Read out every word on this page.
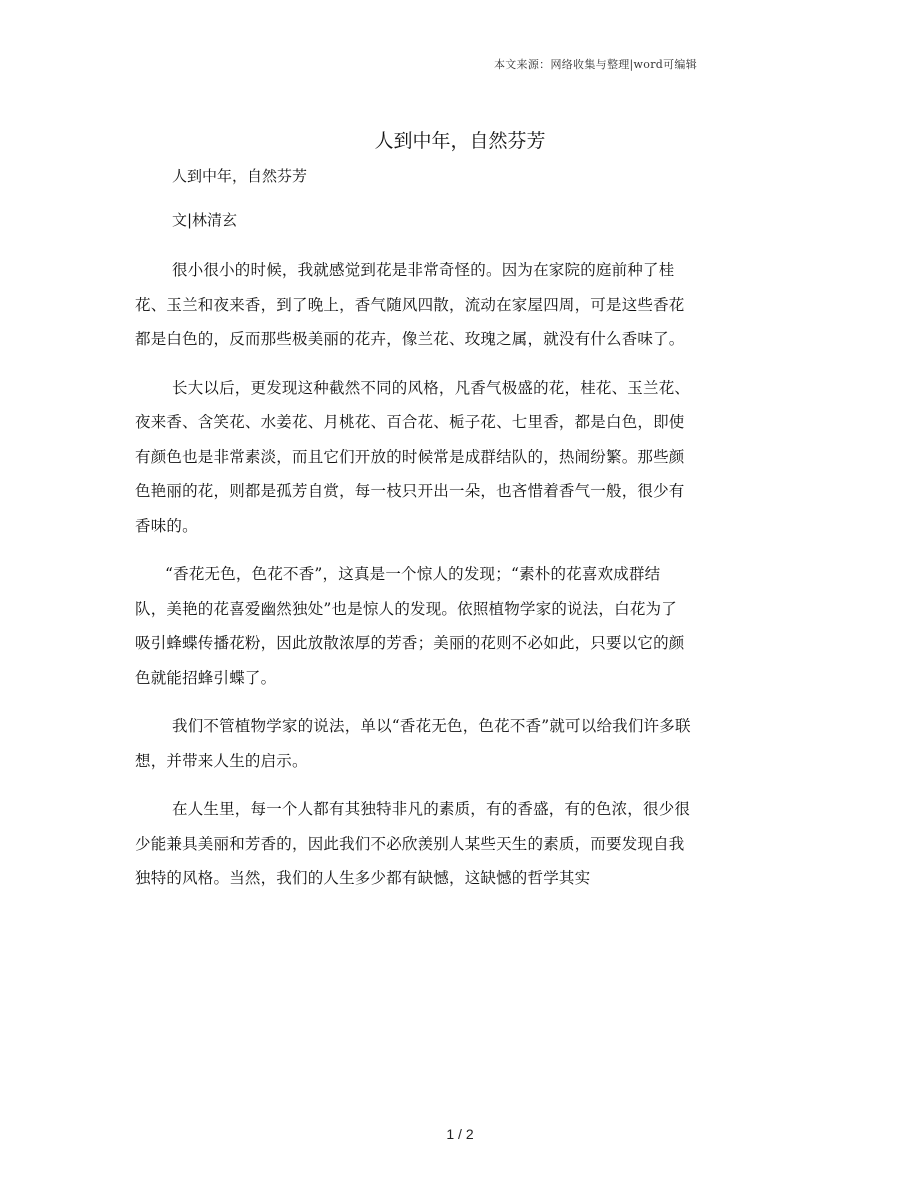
本文来源：网络收集与整理|word可编辑
人到中年，自然芬芳
人到中年，自然芬芳
文|林清玄

很小很小的时候，我就感觉到花是非常奇怪的。因为在家院的庭前种了桂花、玉兰和夜来香，到了晚上，香气随风四散，流动在家屋四周，可是这些香花都是白色的，反而那些极美丽的花卉，像兰花、玫瑰之属，就没有什么香味了。

长大以后，更发现这种截然不同的风格，凡香气极盛的花，桂花、玉兰花、夜来香、含笑花、水姜花、月桃花、百合花、栀子花、七里香，都是白色，即使有颜色也是非常素淡，而且它们开放的时候常是成群结队的，热闹纷繁。那些颜色艳丽的花，则都是孤芳自赏，每一枝只开出一朵，也吝惜着香气一般，很少有香味的。

“香花无色，色花不香”，这真是一个惊人的发现；“素朴的花喜欢成群结队，美艳的花喜爱幽然独处”也是惊人的发现。依照植物学家的说法，白花为了吸引蜂蝶传播花粉，因此放散浓厚的芳香；美丽的花则不必如此，只要以它的颜色就能招蜂引蝶了。

我们不管植物学家的说法，单以“香花无色，色花不香”就可以给我们许多联想，并带来人生的启示。

在人生里，每一个人都有其独特非凡的素质，有的香盛，有的色浓，很少很少能兼具美丽和芳香的，因此我们不必欣羡别人某些天生的素质，而要发现自我独特的风格。当然，我们的人生多少都有缺憾，这缺憾的哲学其实

1 / 2
